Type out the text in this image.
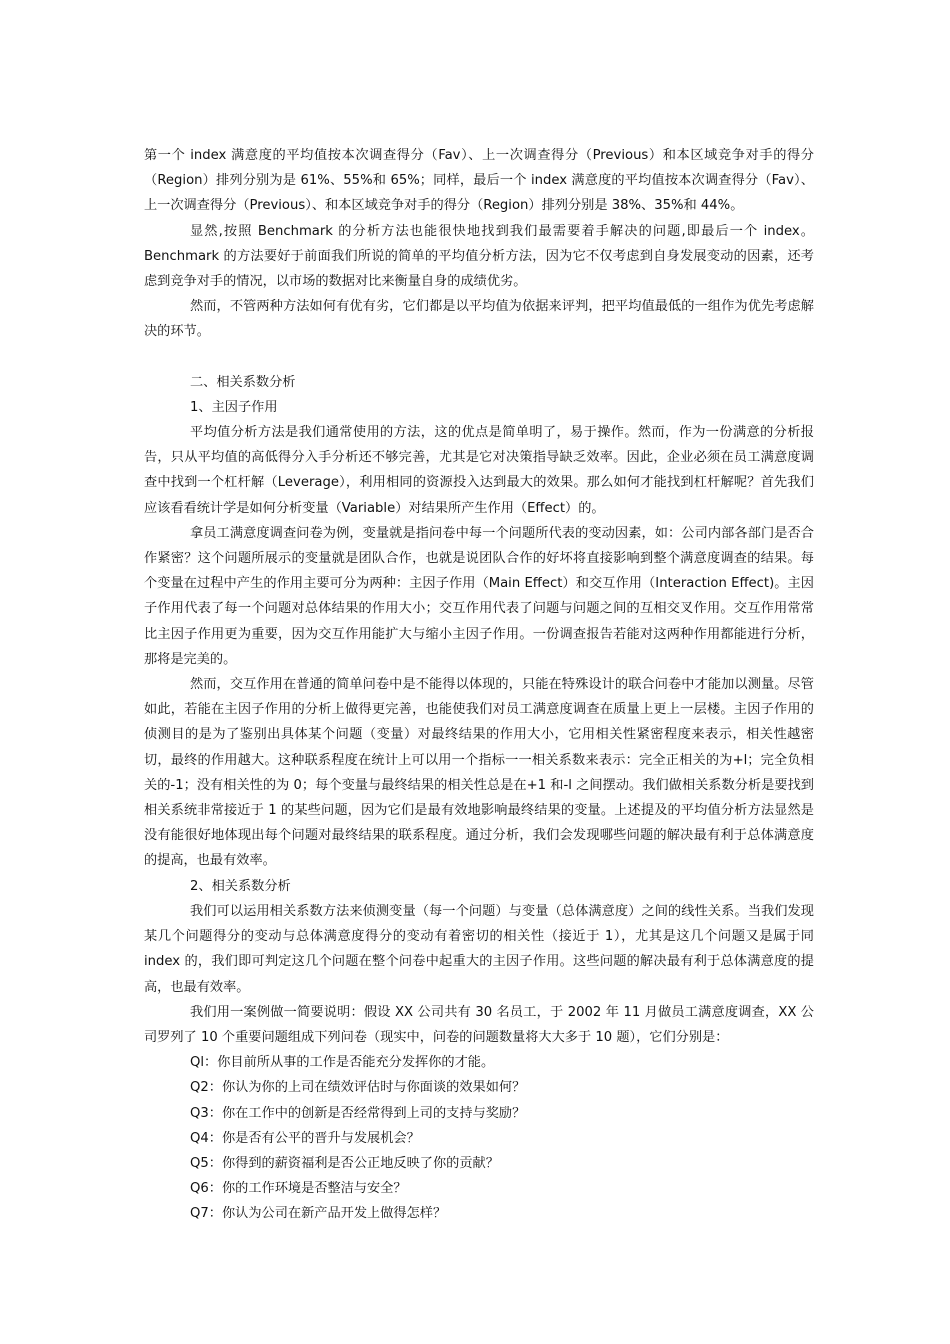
第一个 index 满意度的平均值按本次调查得分（Fav）、上一次调查得分（Previous）和本区域竞争对手的得分（Region）排列分别为是 61%、55%和 65%；同样，最后一个 index 满意度的平均值按本次调查得分（Fav）、上一次调查得分（Previous）、和本区域竞争对手的得分（Region）排列分别是 38%、35%和 44%。

显然,按照 Benchmark 的分析方法也能很快地找到我们最需要着手解决的问题,即最后一个 index。Benchmark 的方法要好于前面我们所说的简单的平均值分析方法，因为它不仅考虑到自身发展变动的因素，还考虑到竞争对手的情况，以市场的数据对比来衡量自身的成绩优劣。

然而，不管两种方法如何有优有劣，它们都是以平均值为依据来评判，把平均值最低的一组作为优先考虑解决的环节。

二、相关系数分析

1、主因子作用

平均值分析方法是我们通常使用的方法，这的优点是简单明了，易于操作。然而，作为一份满意的分析报告，只从平均值的高低得分入手分析还不够完善，尤其是它对决策指导缺乏效率。因此，企业必须在员工满意度调查中找到一个杠杆解（Leverage），利用相同的资源投入达到最大的效果。那么如何才能找到杠杆解呢？首先我们应该看看统计学是如何分析变量（Variable）对结果所产生作用（Effect）的。

拿员工满意度调查问卷为例，变量就是指问卷中每一个问题所代表的变动因素，如：公司内部各部门是否合作紧密？这个问题所展示的变量就是团队合作，也就是说团队合作的好坏将直接影响到整个满意度调查的结果。每个变量在过程中产生的作用主要可分为两种：主因子作用（Main Effect）和交互作用（Interaction Effect)。主因子作用代表了每一个问题对总体结果的作用大小；交互作用代表了问题与问题之间的互相交叉作用。交互作用常常比主因子作用更为重要，因为交互作用能扩大与缩小主因子作用。一份调查报告若能对这两种作用都能进行分析，那将是完美的。

然而，交互作用在普通的简单问卷中是不能得以体现的，只能在特殊设计的联合问卷中才能加以测量。尽管如此，若能在主因子作用的分析上做得更完善，也能使我们对员工满意度调查在质量上更上一层楼。主因子作用的侦测目的是为了鉴别出具体某个问题（变量）对最终结果的作用大小，它用相关性紧密程度来表示，相关性越密切，最终的作用越大。这种联系程度在统计上可以用一个指标一一相关系数来表示：完全正相关的为+l；完全负相关的-1；没有相关性的为 0；每个变量与最终结果的相关性总是在+1 和-l 之间摆动。我们做相关系数分析是要找到相关系统非常接近于 1 的某些问题，因为它们是最有效地影响最终结果的变量。上述提及的平均值分析方法显然是没有能很好地体现出每个问题对最终结果的联系程度。通过分析，我们会发现哪些问题的解决最有利于总体满意度的提高，也最有效率。

2、相关系数分析

我们可以运用相关系数方法来侦测变量（每一个问题）与变量（总体满意度）之间的线性关系。当我们发现某几个问题得分的变动与总体满意度得分的变动有着密切的相关性（接近于 1），尤其是这几个问题又是属于同 index 的，我们即可判定这几个问题在整个问卷中起重大的主因子作用。这些问题的解决最有利于总体满意度的提高，也最有效率。

我们用一案例做一简要说明：假设 XX 公司共有 30 名员工，于 2002 年 11 月做员工满意度调查，XX 公司罗列了 10 个重要问题组成下列问卷（现实中，问卷的问题数量将大大多于 10 题），它们分别是：

Ql：你目前所从事的工作是否能充分发挥你的才能。

Q2：你认为你的上司在绩效评估时与你面谈的效果如何？

Q3：你在工作中的创新是否经常得到上司的支持与奖励？

Q4：你是否有公平的晋升与发展机会？

Q5：你得到的薪资福利是否公正地反映了你的贡献？

Q6：你的工作环境是否整洁与安全？

Q7：你认为公司在新产品开发上做得怎样？
